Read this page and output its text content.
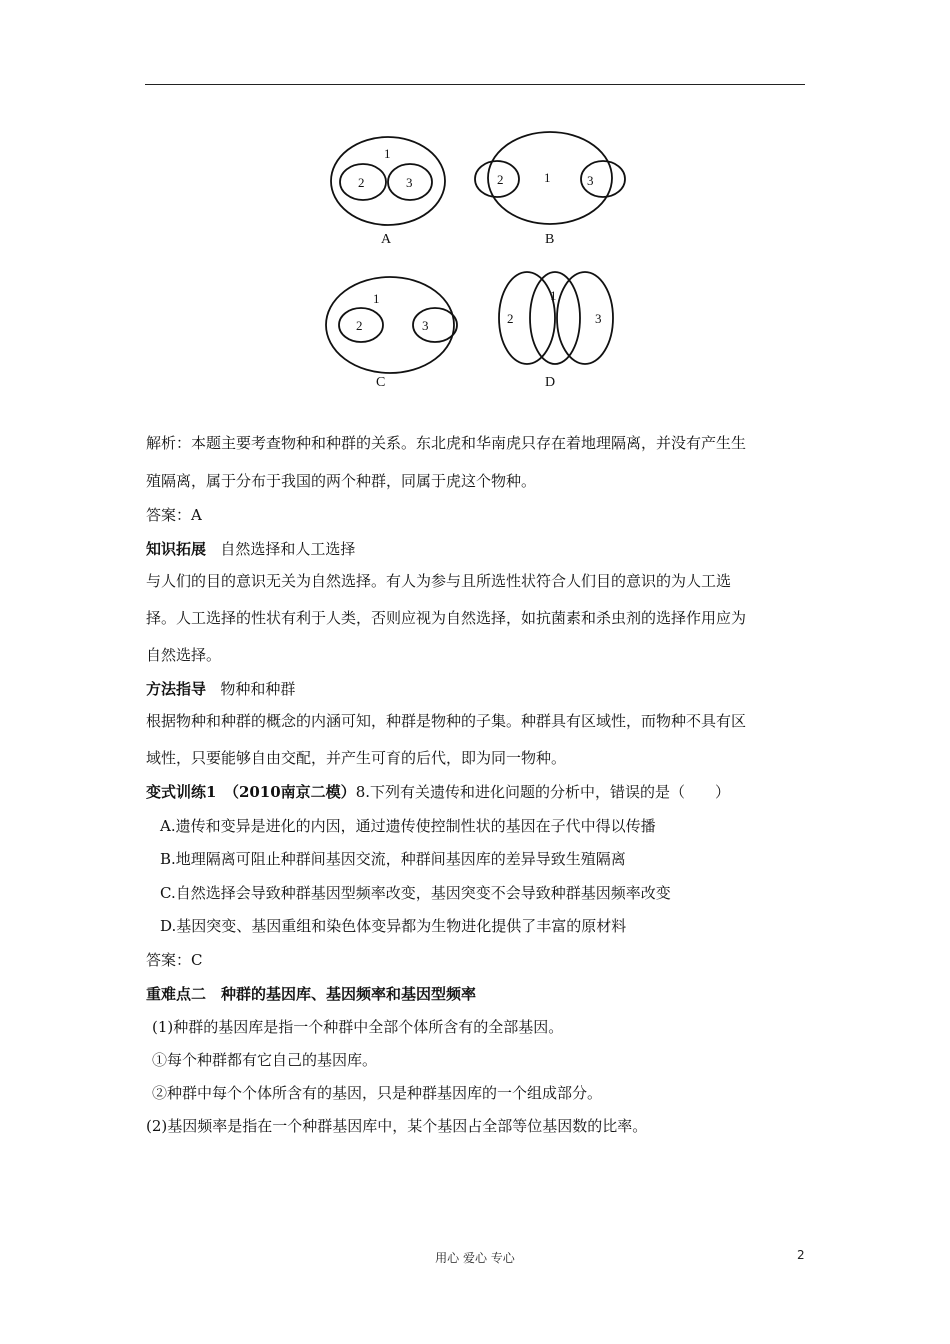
1
2	3
A
1
2	3
B
1
2	3
C
1
2	3
D
解析：本题主要考查物种和种群的关系。东北虎和华南虎只存在着地理隔离，并没有产生生
殖隔离，属于分布于我国的两个种群，同属于虎这个物种。
答案：A
知识拓展 自然选择和人工选择
与人们的目的意识无关为自然选择。有人为参与且所选性状符合人们目的意识的为人工选
择。人工选择的性状有利于人类，否则应视为自然选择，如抗菌素和杀虫剂的选择作用应为
自然选择。
方法指导 物种和种群
根据物种和种群的概念的内涵可知，种群是物种的子集。种群具有区域性，而物种不具有区
域性，只要能够自由交配，并产生可育的后代，即为同一物种。
变式训练1　（2010南京二模）8.下列有关遗传和进化问题的分析中，错误的是（　　）
A.遗传和变异是进化的内因，通过遗传使控制性状的基因在子代中得以传播
B.地理隔离可阻止种群间基因交流，种群间基因库的差异导致生殖隔离
C.自然选择会导致种群基因型频率改变，基因突变不会导致种群基因频率改变
D.基因突变、基因重组和染色体变异都为生物进化提供了丰富的原材料
答案：C
重难点二　种群的基因库、基因频率和基因型频率
(1)种群的基因库是指一个种群中全部个体所含有的全部基因。
①每个种群都有它自己的基因库。
②种群中每个个体所含有的基因，只是种群基因库的一个组成部分。
(2)基因频率是指在一个种群基因库中，某个基因占全部等位基因数的比率。
用心 爱心 专心	2
